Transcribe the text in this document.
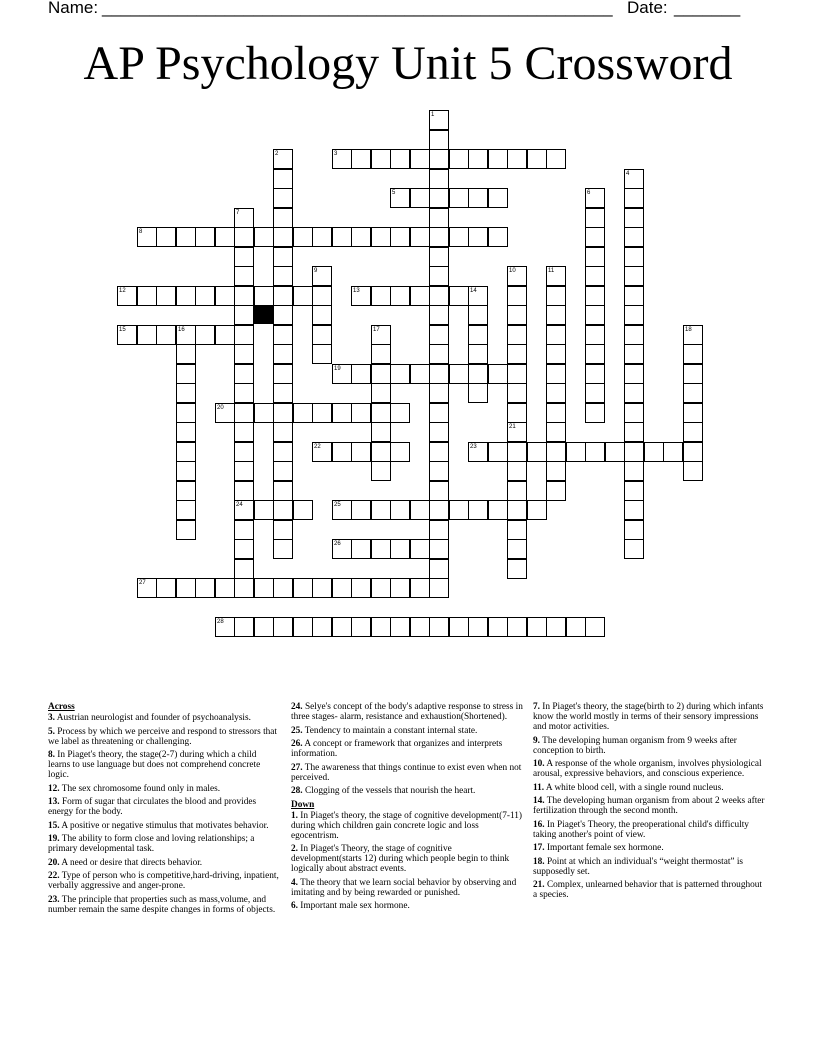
Name: ______________________________________________________ Date: _______
AP Psychology Unit 5 Crossword
1
2	3
4
5	6
7
8
9	10	11
12	13	14
15	16	17	18
19
20
21
22	23
24	25
26
27
28
Across
3. Austrian neurologist and founder of psychoanalysis.
5. Process by which we perceive and respond to stressors that we label as threatening or challenging.
8. In Piaget's theory, the stage(2-7) during which a child learns to use language but does not comprehend concrete logic.
12. The sex chromosome found only in males.
13. Form of sugar that circulates the blood and provides energy for the body.
15. A positive or negative stimulus that motivates behavior.
19. The ability to form close and loving relationships; a primary developmental task.
20. A need or desire that directs behavior.
22. Type of person who is competitive,hard-driving, inpatient, verbally aggressive and anger-prone.
23. The principle that properties such as mass,volume, and number remain the same despite changes in forms of objects.
24. Selye's concept of the body's adaptive response to stress in three stages- alarm, resistance and exhaustion(Shortened).
25. Tendency to maintain a constant internal state.
26. A concept or framework that organizes and interprets information.
27. The awareness that things continue to exist even when not perceived.
28. Clogging of the vessels that nourish the heart.
Down
1. In Piaget's theory, the stage of cognitive development(7-11) during which children gain concrete logic and loss egocentrism.
2. In Piaget's Theory, the stage of cognitive development(starts 12) during which people begin to think logically about abstract events.
4. The theory that we learn social behavior by observing and imitating and by being rewarded or punished.
6. Important male sex hormone.
7. In Piaget's theory, the stage(birth to 2) during which infants know the world mostly in terms of their sensory impressions and motor activities.
9. The developing human organism from 9 weeks after conception to birth.
10. A response of the whole organism, involves physiological arousal, expressive behaviors, and conscious experience.
11. A white blood cell, with a single round nucleus.
14. The developing human organism from about 2 weeks after fertilization through the second month.
16. In Piaget's Theory, the preoperational child's difficulty taking another's point of view.
17. Important female sex hormone.
18. Point at which an individual's “weight thermostat” is supposedly set.
21. Complex, unlearned behavior that is patterned throughout a species.
